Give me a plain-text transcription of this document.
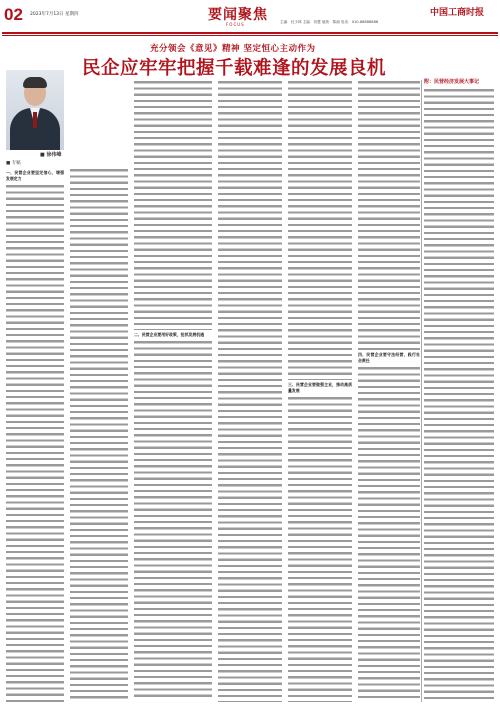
02 2023年7月13日 星期四	要闻聚焦
FOCUS	主编：杜少林 主编：刘慧 值班：陈丽 电话：010-88888888
中国工商时报
充分领会《意见》精神 坚定恒心主动作为
民企应牢牢把握千载难逢的发展良机
■ 徐伟峰
■ 专稿
一、民营企业要坚定信心，增强发展定力
二、民营企业要用好政策，抢抓发展机遇
三、民营企业要做强主业，推动高质量发展
四、民营企业要守法经营，践行社会责任
附：民营经济发展大事记
